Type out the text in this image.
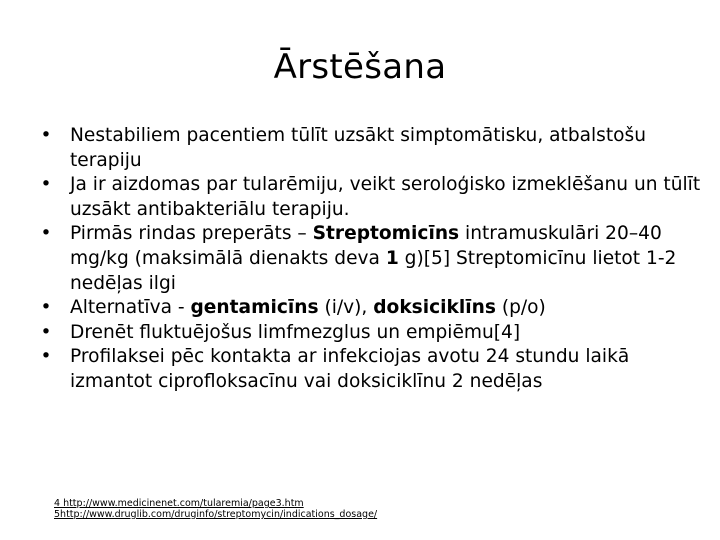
Ārstēšana
• Nestabiliem pacentiem tūlīt uzsākt simptomātisku, atbalstošu terapiju
• Ja ir aizdomas par tularēmiju, veikt seroloģisko izmeklēšanu un tūlīt uzsākt antibakteriālu terapiju.
• Pirmās rindas preperāts – Streptomicīns intramuskulāri 20–40 mg/kg (maksimālā dienakts deva 1 g)[5] Streptomicīnu lietot 1-2 nedēļas ilgi
• Alternatīva - gentamicīns (i/v), doksiciklīns (p/o)
• Drenēt fluktuējošus limfmezglus un empiēmu[4]
• Profilaksei pēc kontakta ar infekciojas avotu 24 stundu laikā izmantot ciprofloksacīnu vai doksiciklīnu 2 nedēļas
4 http://www.medicinenet.com/tularemia/page3.htm
5http://www.druglib.com/druginfo/streptomycin/indications_dosage/
